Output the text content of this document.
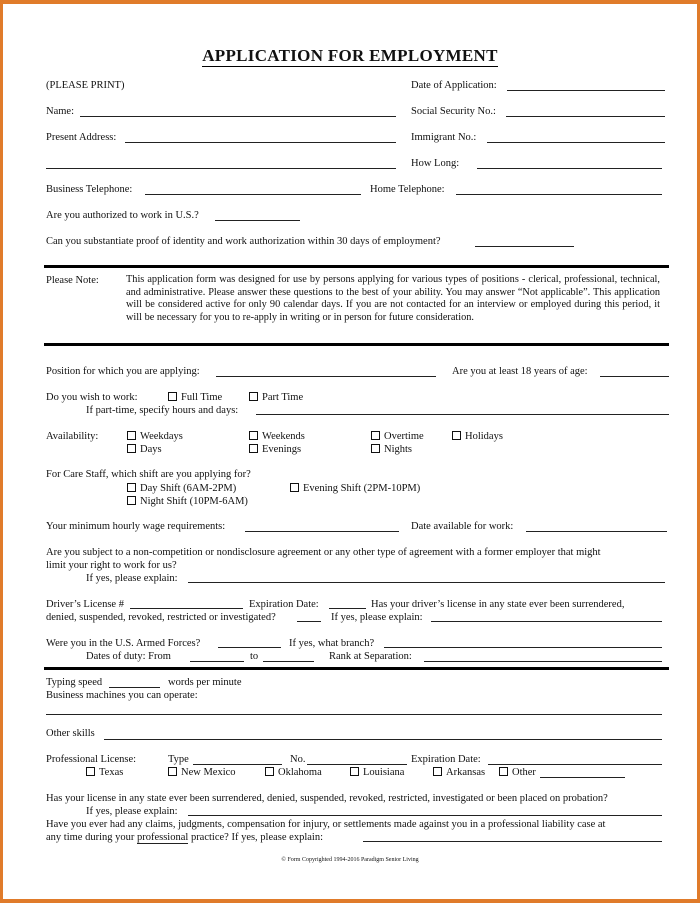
APPLICATION FOR EMPLOYMENT
(PLEASE PRINT)	Date of Application:
Name:	Social Security No.:
Present Address:	Immigrant No.:
How Long:
Business Telephone:	Home Telephone:
Are you authorized to work in U.S.?
Can you substantiate proof of identity and work authorization within 30 days of employment?
Please Note:	This application form was designed for use by persons applying for various types of positions - clerical, professional, technical, and administrative. Please answer these questions to the best of your ability. You may answer “Not applicable”. This application will be considered active for only 90 calendar days. If you are not contacted for an interview or employed during this period, it will be necessary for you to re-apply in writing or in person for future consideration.
Position for which you are applying:	Are you at least 18 years of age:
Do you wish to work:	Full Time	Part Time
If part-time, specify hours and days:
Availability:	Weekdays	Weekends	Overtime	Holidays
Days	Evenings	Nights
For Care Staff, which shift are you applying for?
Day Shift (6AM-2PM)	Evening Shift (2PM-10PM)
Night Shift (10PM-6AM)
Your minimum hourly wage requirements:	Date available for work:
Are you subject to a non-competition or nondisclosure agreement or any other type of agreement with a former employer that might
limit your right to work for us?
If yes, please explain:
Driver’s License #	Expiration Date:	Has your driver’s license in any state ever been surrendered,
denied, suspended, revoked, restricted or investigated?	If yes, please explain:
Were you in the U.S. Armed Forces?	If yes, what branch?
Dates of duty: From	to	Rank at Separation:
Typing speed	words per minute
Business machines you can operate:
Other skills
Professional License:	Type	No.	Expiration Date:
Texas	New Mexico	Oklahoma	Louisiana	Arkansas	Other
Has your license in any state ever been surrendered, denied, suspended, revoked, restricted, investigated or been placed on probation?
If yes, please explain:
Have you ever had any claims, judgments, compensation for injury, or settlements made against you in a professional liability case at
any time during your professional practice? If yes, please explain:
© Form Copyrighted 1994-2016 Paradigm Senior Living
